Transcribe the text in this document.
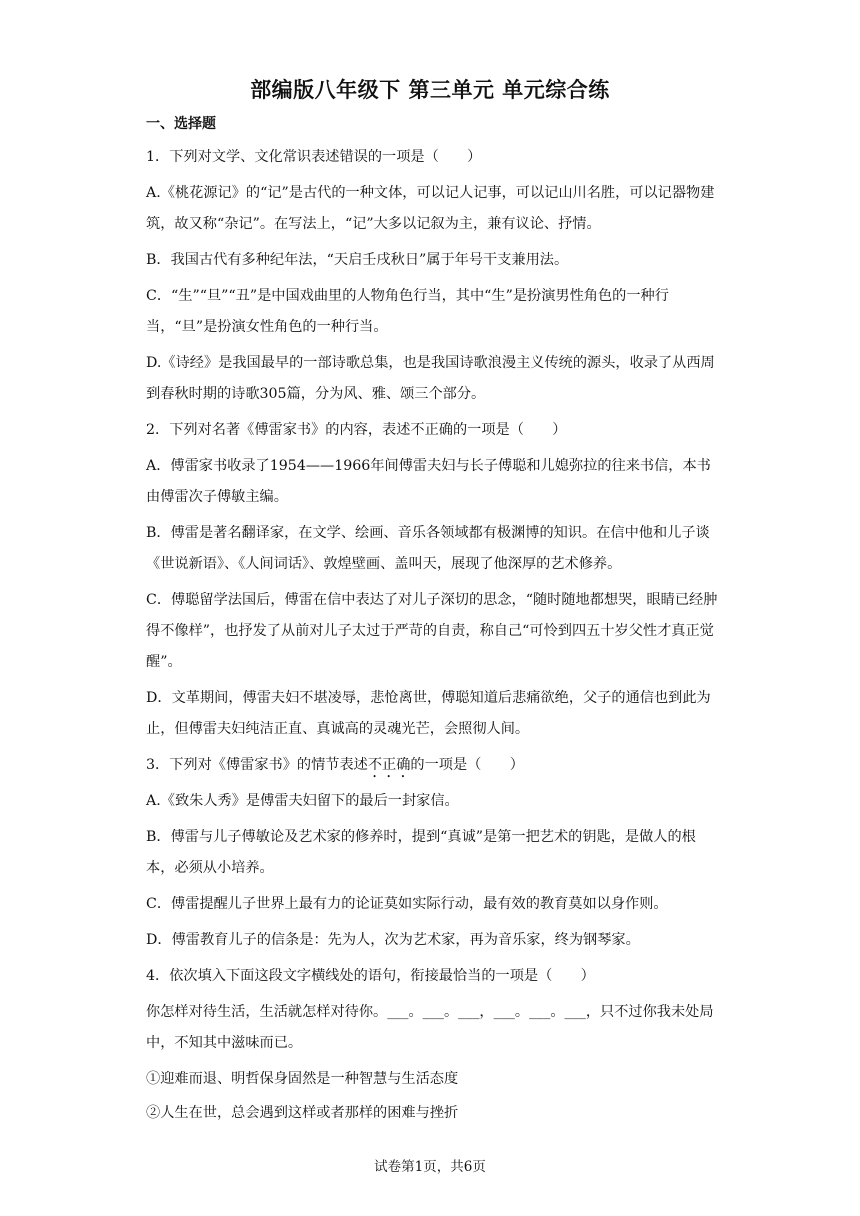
部编版八年级下 第三单元 单元综合练
一、选择题
1．下列对文学、文化常识表述错误的一项是（　　）
A.《桃花源记》的“记”是古代的一种文体，可以记人记事，可以记山川名胜，可以记器物建筑，故又称“杂记”。在写法上，“记”大多以记叙为主，兼有议论、抒情。
B．我国古代有多种纪年法，“天启壬戌秋日”属于年号干支兼用法。
C．“生”“旦”“丑”是中国戏曲里的人物角色行当，其中“生”是扮演男性角色的一种行当，“旦”是扮演女性角色的一种行当。
D.《诗经》是我国最早的一部诗歌总集，也是我国诗歌浪漫主义传统的源头，收录了从西周到春秋时期的诗歌305篇，分为风、雅、颂三个部分。
2．下列对名著《傅雷家书》的内容，表述不正确的一项是（　　）
A．傅雷家书收录了1954——1966年间傅雷夫妇与长子傅聪和儿媳弥拉的往来书信，本书由傅雷次子傅敏主编。
B．傅雷是著名翻译家，在文学、绘画、音乐各领域都有极渊博的知识。在信中他和儿子谈《世说新语》、《人间词话》、敦煌壁画、盖叫天，展现了他深厚的艺术修养。
C．傅聪留学法国后，傅雷在信中表达了对儿子深切的思念，“随时随地都想哭，眼睛已经肿得不像样”，也抒发了从前对儿子太过于严苛的自责，称自己“可怜到四五十岁父性才真正觉醒”。
D．文革期间，傅雷夫妇不堪凌辱，悲怆离世，傅聪知道后悲痛欲绝，父子的通信也到此为止，但傅雷夫妇纯洁正直、真诚高的灵魂光芒，会照彻人间。
3．下列对《傅雷家书》的情节表述不正确的一项是（　　）
A.《致朱人秀》是傅雷夫妇留下的最后一封家信。
B．傅雷与儿子傅敏论及艺术家的修养时，提到“真诚”是第一把艺术的钥匙，是做人的根本，必须从小培养。
C．傅雷提醒儿子世界上最有力的论证莫如实际行动，最有效的教育莫如以身作则。
D．傅雷教育儿子的信条是：先为人，次为艺术家，再为音乐家，终为钢琴家。
4．依次填入下面这段文字横线处的语句，衔接最恰当的一项是（　　）
你怎样对待生活，生活就怎样对待你。___。___。___，___。___。___，只不过你我未处局中，不知其中滋味而已。
①迎难而退、明哲保身固然是一种智慧与生活态度
②人生在世，总会遇到这样或者那样的困难与挫折
试卷第1页，共6页
